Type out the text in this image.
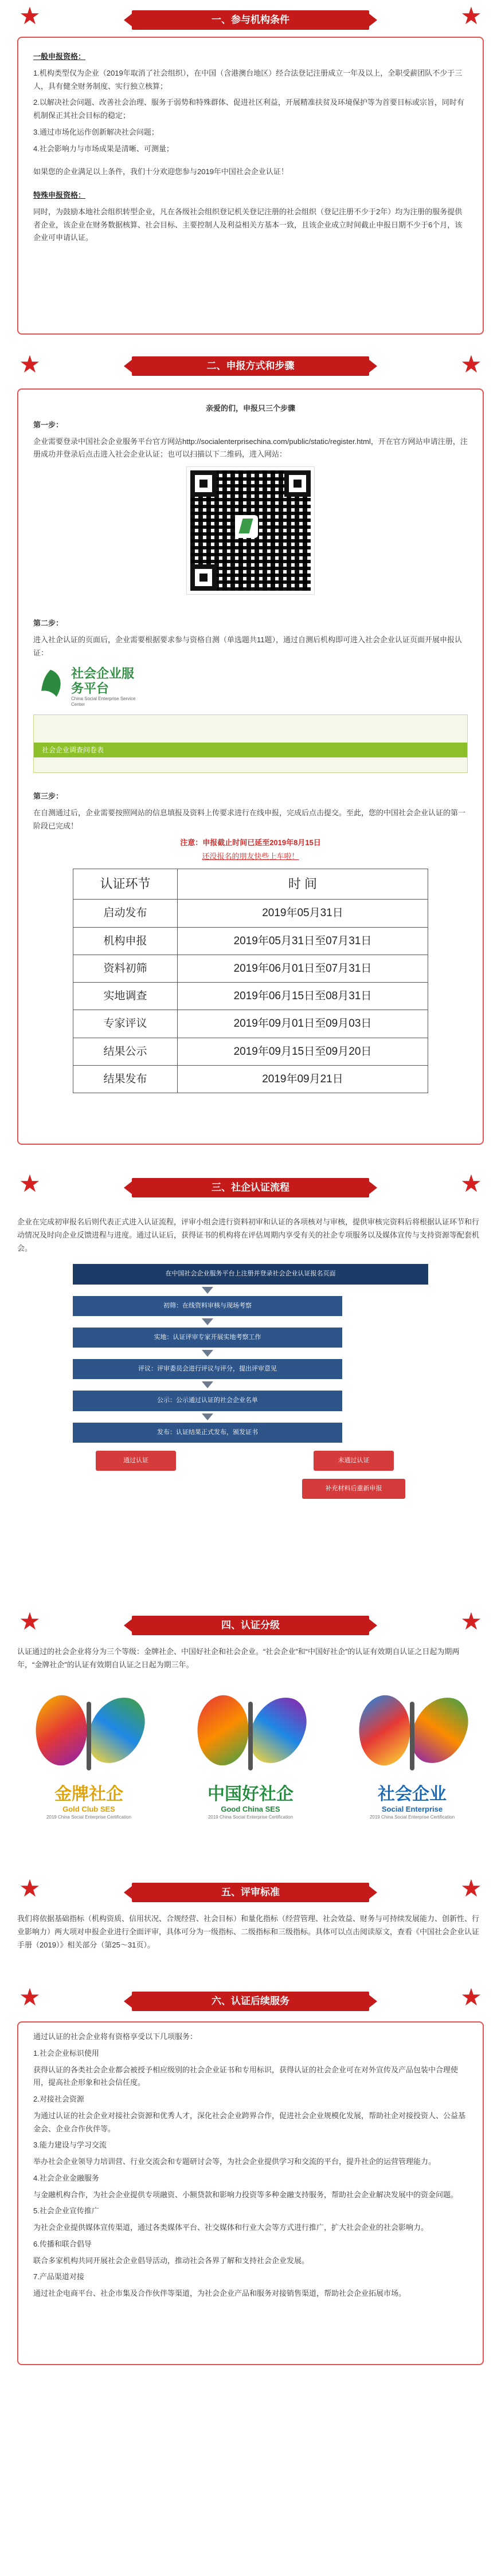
★	一、参与机构条件	★
一般申报资格：
1.机构类型仅为企业（2019年取消了社会组织），在中国（含港澳台地区）经合法登记注册成立一年及以上，全职受薪团队不少于三人，具有健全财务制度、实行独立核算；
2.以解决社会问题、改善社会治理、服务于弱势和特殊群体、促进社区利益，开展精准扶贫及环境保护等为首要目标或宗旨，同时有机制保正其社会目标的稳定；
3.通过市场化运作创新解决社会问题；
4.社会影响力与市场成果是清晰、可测量；
如果您的企业满足以上条件，我们十分欢迎您参与2019年中国社会企业认证！
特殊申报资格：
同时，为鼓励本地社会组织转型企业，凡在各级社会组织登记机关登记注册的社会组织（登记注册不少于2年）均为注册的服务提供者企业，该企业在财务数据核算、社会目标、主要控制人及利益相关方基本一致，且该企业成立时间截止申报日期不少于6个月，该企业可申请认证。
★	二、申报方式和步骤	★
亲爱的们，申报只三个步骤
第一步：
企业需要登录中国社会企业服务平台官方网站http://socialenterprisechina.com/public/static/register.html，开在官方网站申请注册，注册成功并登录后点击进入社会企业认证；也可以扫描以下二维码，进入网站：
第二步：
进入社企认证的页面后，企业需要根据要求参与资格自测（单选题共11题），通过自测后机构即可进入社会企业认证页面开展申报认证：
社会企业服务平台
China Social Enterprise Service Center
社会企业调查问卷表
第三步：
在自测通过后，企业需要按照网站的信息填报及资料上传要求进行在线申报，完成后点击提交。至此，您的中国社会企业认证的第一阶段已完成！
注意：申报截止时间已延至2019年8月15日
还没报名的朋友快些上车啦！
认证环节	时 间
启动发布	2019年05月31日
机构申报	2019年05月31日至07月31日
资料初筛	2019年06月01日至07月31日
实地调查	2019年06月15日至08月31日
专家评议	2019年09月01日至09月03日
结果公示	2019年09月15日至09月20日
结果发布	2019年09月21日
★	三、社企认证流程	★
企业在完成初审报名后则代表正式进入认证流程，评审小组会进行资料初审和认证的各项核对与审核，提供审核完资料后将根据认证环节和行动情况及时向企业反馈进程与进度。通过认证后，获得证书的机构将在评估周期内享受有关的社企专项服务以及媒体宣传与支持资源等配套机会。
在中国社会企业服务平台上注册并登录社会企业认证报名页面
初筛：在线资料审核与现场考察
实地：认证评审专家开展实地考察工作
评议：评审委员会进行评议与评分，提出评审意见
公示：公示通过认证的社会企业名单
发布：认证结果正式发布，颁发证书
通过认证	未通过认证
补充材料后重新申报
★	四、认证分级	★
认证通过的社会企业将分为三个等级：金牌社企、中国好社企和社会企业。“社会企业”和“中国好社企”的认证有效期自认证之日起为期两年，“金牌社企”的认证有效期自认证之日起为期三年。
金牌社企
Gold Club SES
2019 China Social Enterprise Certification
中国好社企
Good China SES
2019 China Social Enterprise Certification
社会企业
Social Enterprise
2019 China Social Enterprise Certification
★	五、评审标准	★
我们将依据基础指标（机构资质、信用状况、合规经营、社会目标）和量化指标（经营管理、社会效益、财务与可持续发展能力、创新性、行业影响力）两大项对申报企业进行全面评审，具体可分为一级指标、二级指标和三级指标。具体可以点击阅读原文，查看《中国社会企业认证手册（2019）》相关部分（第25～31页）。
★	六、认证后续服务	★
通过认证的社会企业将有资格享受以下几项服务：
1.社会企业标识使用
获得认证的各类社会企业都会被授予相应级别的社会企业证书和专用标识，获得认证的社会企业可在对外宣传及产品包装中合理使用，提高社企形象和社会信任度。
2.对接社会资源
为通过认证的社会企业对接社会资源和优秀人才，深化社会企业跨界合作，促进社会企业规模化发展，帮助社企对接投资人、公益基金会、企业合作伙伴等。
3.能力建设与学习交流
举办社会企业领导力培训营、行业交流会和专题研讨会等，为社会企业提供学习和交流的平台，提升社企的运营管理能力。
4.社会企业金融服务
与金融机构合作，为社会企业提供专项融资、小额贷款和影响力投资等多种金融支持服务，帮助社会企业解决发展中的资金问题。
5.社会企业宣传推广
为社会企业提供媒体宣传渠道，通过各类媒体平台、社交媒体和行业大会等方式进行推广，扩大社会企业的社会影响力。
6.传播和联合倡导
联合多家机构共同开展社会企业倡导活动，推动社会各界了解和支持社会企业发展。
7.产品渠道对接
通过社企电商平台、社企市集及合作伙伴等渠道，为社会企业产品和服务对接销售渠道，帮助社会企业拓展市场。
